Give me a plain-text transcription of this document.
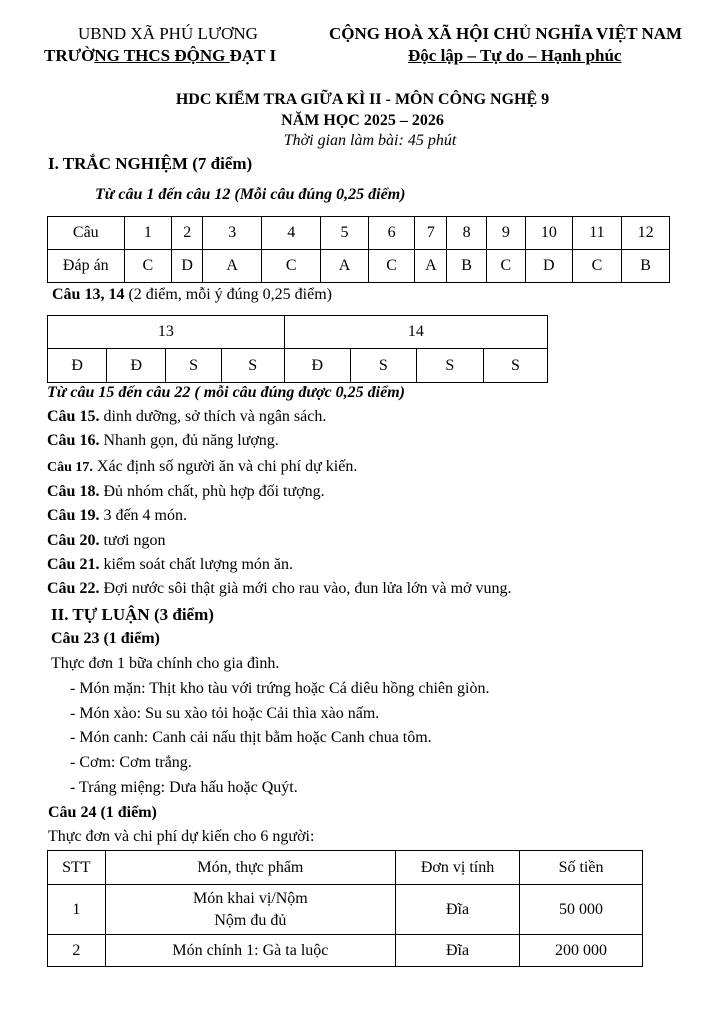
UBND XÃ PHÚ LƯƠNG
TRƯỜNG THCS ĐỘNG ĐẠT I
CỘNG HOÀ XÃ HỘI CHỦ NGHĨA VIỆT NAM
Độc lập – Tự do – Hạnh phúc
HDC KIỂM TRA GIỮA KÌ II - MÔN CÔNG NGHỆ 9
NĂM HỌC 2025 – 2026
Thời gian làm bài: 45 phút
I. TRẮC NGHIỆM (7 điểm)
Từ câu 1 đến câu 12 (Mỗi câu đúng 0,25 điểm)
Câu	1	2	3	4	5	6	7	8	9	10	11	12
Đáp án	C	D	A	C	A	C	A	B	C	D	C	B
Câu 13, 14 (2 điểm, mỗi ý đúng 0,25 điểm)
13				14			
Đ	Đ	S	S	Đ	S	S	S
Từ câu 15 đến câu 22 ( mỗi câu đúng được 0,25 điểm)
Câu 15. dinh dưỡng, sở thích và ngân sách.
Câu 16. Nhanh gọn, đủ năng lượng.
Câu 17. Xác định số người ăn và chi phí dự kiến.
Câu 18. Đủ nhóm chất, phù hợp đối tượng.
Câu 19. 3 đến 4 món.
Câu 20. tươi ngon
Câu 21. kiểm soát chất lượng món ăn.
Câu 22. Đợi nước sôi thật già mới cho rau vào, đun lửa lớn và mở vung.
II. TỰ LUẬN (3 điểm)
Câu 23 (1 điểm)
Thực đơn 1 bữa chính cho gia đình.
- Món mặn: Thịt kho tàu với trứng hoặc Cá diêu hồng chiên giòn.
- Món xào: Su su xào tỏi hoặc Cải thìa xào nấm.
- Món canh: Canh cải nấu thịt bằm hoặc Canh chua tôm.
- Cơm: Cơm trắng.
- Tráng miệng: Dưa hấu hoặc Quýt.
Câu 24 (1 điểm)
Thực đơn và chi phí dự kiến cho 6 người:
STT	Món, thực phẩm	Đơn vị tính	Số tiền
1	Món khai vị/Nộm
Nộm đu đủ	Đĩa	50 000
2	Món chính 1: Gà ta luộc	Đĩa	200 000
